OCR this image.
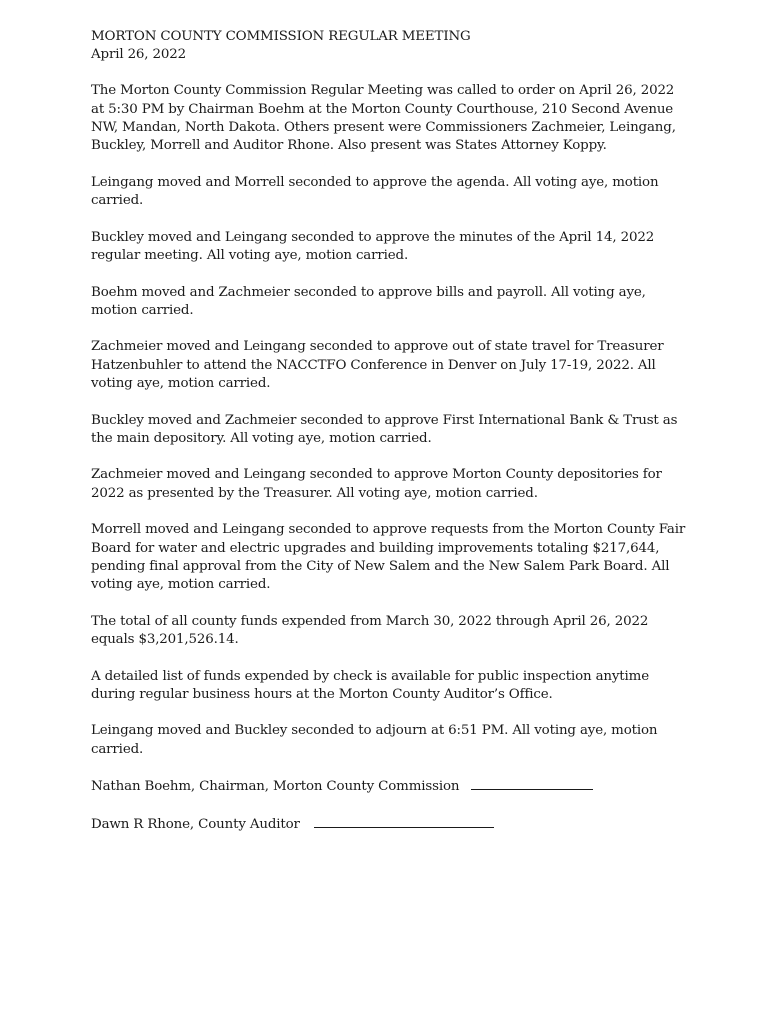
MORTON COUNTY COMMISSION REGULAR MEETING
April 26, 2022

The Morton County Commission Regular Meeting was called to order on April 26, 2022 at 5:30 PM by Chairman Boehm at the Morton County Courthouse, 210 Second Avenue NW, Mandan, North Dakota. Others present were Commissioners Zachmeier, Leingang, Buckley, Morrell and Auditor Rhone. Also present was States Attorney Koppy.

Leingang moved and Morrell seconded to approve the agenda. All voting aye, motion carried.

Buckley moved and Leingang seconded to approve the minutes of the April 14, 2022 regular meeting. All voting aye, motion carried.

Boehm moved and Zachmeier seconded to approve bills and payroll. All voting aye, motion carried.

Zachmeier moved and Leingang seconded to approve out of state travel for Treasurer Hatzenbuhler to attend the NACCTFO Conference in Denver on July 17-19, 2022. All voting aye, motion carried.

Buckley moved and Zachmeier seconded to approve First International Bank & Trust as the main depository. All voting aye, motion carried.

Zachmeier moved and Leingang seconded to approve Morton County depositories for 2022 as presented by the Treasurer. All voting aye, motion carried.

Morrell moved and Leingang seconded to approve requests from the Morton County Fair Board for water and electric upgrades and building improvements totaling $217,644, pending final approval from the City of New Salem and the New Salem Park Board. All voting aye, motion carried.

The total of all county funds expended from March 30, 2022 through April 26, 2022 equals $3,201,526.14.

A detailed list of funds expended by check is available for public inspection anytime during regular business hours at the Morton County Auditor’s Office.

Leingang moved and Buckley seconded to adjourn at 6:51 PM. All voting aye, motion carried.

Nathan Boehm, Chairman, Morton County Commission
Dawn R Rhone, County Auditor
